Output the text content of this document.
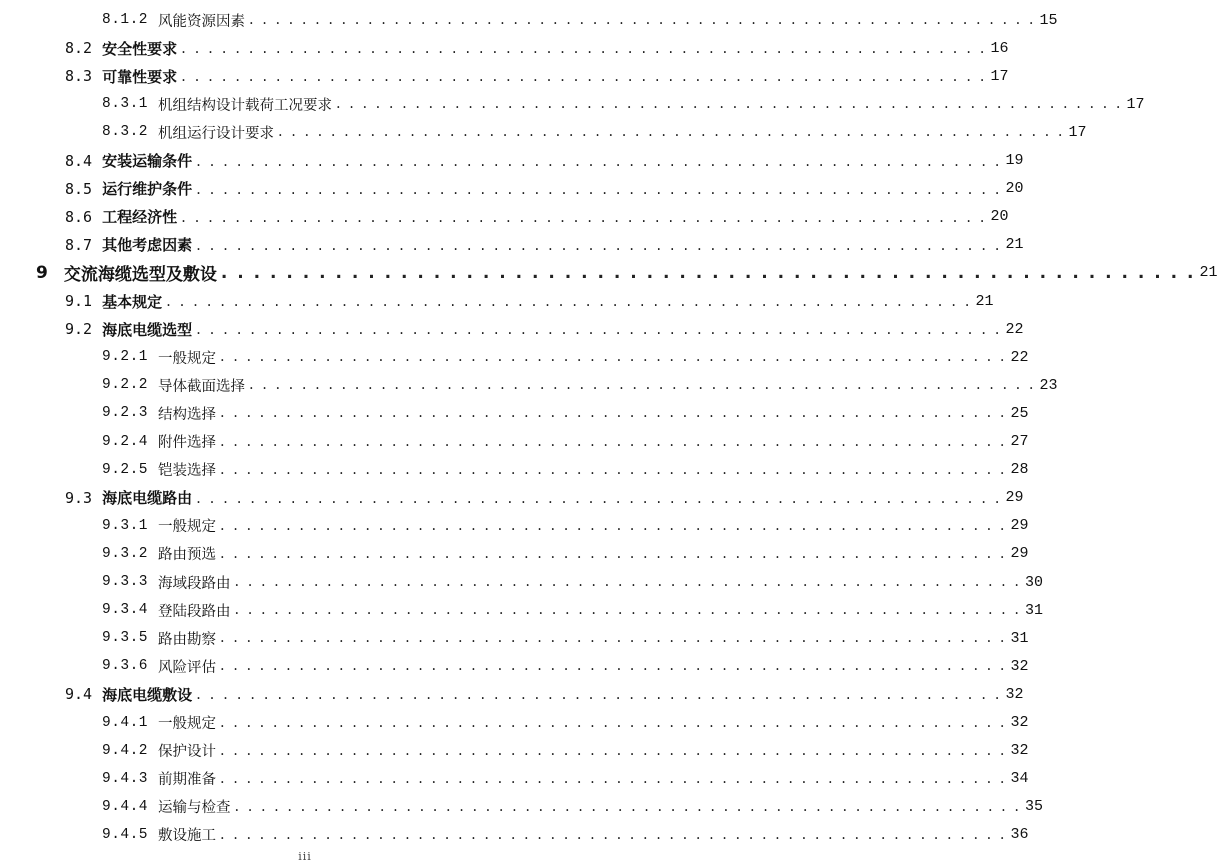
8.1.2 风能资源因素 . . . . . . . . . . . . . . . . . . . . . . . . . . . . . . . . . . . . . . . . . . . . . . . . . . . . . . . . . . . . 15
8.2 安全性要求 . . . . . . . . . . . . . . . . . . . . . . . . . . . . . . . . . . . . . . . . . . . . . . . . . . . . . . . . . . . . 16
8.3 可靠性要求 . . . . . . . . . . . . . . . . . . . . . . . . . . . . . . . . . . . . . . . . . . . . . . . . . . . . . . . . . . . . 17
8.3.1 机组结构设计载荷工况要求 . . . . . . . . . . . . . . . . . . . . . . . . . . . . . . . . . . . . . . . . . . . . . . . . . . . . . . . . . . . . 17
8.3.2 机组运行设计要求 . . . . . . . . . . . . . . . . . . . . . . . . . . . . . . . . . . . . . . . . . . . . . . . . . . . . . . . . . . . . 17
8.4 安装运输条件 . . . . . . . . . . . . . . . . . . . . . . . . . . . . . . . . . . . . . . . . . . . . . . . . . . . . . . . . . . . . 19
8.5 运行维护条件 . . . . . . . . . . . . . . . . . . . . . . . . . . . . . . . . . . . . . . . . . . . . . . . . . . . . . . . . . . . . 20
8.6 工程经济性 . . . . . . . . . . . . . . . . . . . . . . . . . . . . . . . . . . . . . . . . . . . . . . . . . . . . . . . . . . . . 20
8.7 其他考虑因素 . . . . . . . . . . . . . . . . . . . . . . . . . . . . . . . . . . . . . . . . . . . . . . . . . . . . . . . . . . . . 21
9 交流海缆选型及敷设 . . . . . . . . . . . . . . . . . . . . . . . . . . . . . . . . . . . . . . . . . . . . . . . . . . . . . . . . . . . . 21
9.1 基本规定 . . . . . . . . . . . . . . . . . . . . . . . . . . . . . . . . . . . . . . . . . . . . . . . . . . . . . . . . . . . . 21
9.2 海底电缆选型 . . . . . . . . . . . . . . . . . . . . . . . . . . . . . . . . . . . . . . . . . . . . . . . . . . . . . . . . . . . . 22
9.2.1 一般规定 . . . . . . . . . . . . . . . . . . . . . . . . . . . . . . . . . . . . . . . . . . . . . . . . . . . . . . . . . . . . 22
9.2.2 导体截面选择 . . . . . . . . . . . . . . . . . . . . . . . . . . . . . . . . . . . . . . . . . . . . . . . . . . . . . . . . . . . . 23
9.2.3 结构选择 . . . . . . . . . . . . . . . . . . . . . . . . . . . . . . . . . . . . . . . . . . . . . . . . . . . . . . . . . . . . 25
9.2.4 附件选择 . . . . . . . . . . . . . . . . . . . . . . . . . . . . . . . . . . . . . . . . . . . . . . . . . . . . . . . . . . . . 27
9.2.5 铠装选择 . . . . . . . . . . . . . . . . . . . . . . . . . . . . . . . . . . . . . . . . . . . . . . . . . . . . . . . . . . . . 28
9.3 海底电缆路由 . . . . . . . . . . . . . . . . . . . . . . . . . . . . . . . . . . . . . . . . . . . . . . . . . . . . . . . . . . . . 29
9.3.1 一般规定 . . . . . . . . . . . . . . . . . . . . . . . . . . . . . . . . . . . . . . . . . . . . . . . . . . . . . . . . . . . . 29
9.3.2 路由预选 . . . . . . . . . . . . . . . . . . . . . . . . . . . . . . . . . . . . . . . . . . . . . . . . . . . . . . . . . . . . 29
9.3.3 海域段路由 . . . . . . . . . . . . . . . . . . . . . . . . . . . . . . . . . . . . . . . . . . . . . . . . . . . . . . . . . . . . 30
9.3.4 登陆段路由 . . . . . . . . . . . . . . . . . . . . . . . . . . . . . . . . . . . . . . . . . . . . . . . . . . . . . . . . . . . . 31
9.3.5 路由勘察 . . . . . . . . . . . . . . . . . . . . . . . . . . . . . . . . . . . . . . . . . . . . . . . . . . . . . . . . . . . . 31
9.3.6 风险评估 . . . . . . . . . . . . . . . . . . . . . . . . . . . . . . . . . . . . . . . . . . . . . . . . . . . . . . . . . . . . 32
9.4 海底电缆敷设 . . . . . . . . . . . . . . . . . . . . . . . . . . . . . . . . . . . . . . . . . . . . . . . . . . . . . . . . . . . . 32
9.4.1 一般规定 . . . . . . . . . . . . . . . . . . . . . . . . . . . . . . . . . . . . . . . . . . . . . . . . . . . . . . . . . . . . 32
9.4.2 保护设计 . . . . . . . . . . . . . . . . . . . . . . . . . . . . . . . . . . . . . . . . . . . . . . . . . . . . . . . . . . . . 32
9.4.3 前期准备 . . . . . . . . . . . . . . . . . . . . . . . . . . . . . . . . . . . . . . . . . . . . . . . . . . . . . . . . . . . . 34
9.4.4 运输与检查 . . . . . . . . . . . . . . . . . . . . . . . . . . . . . . . . . . . . . . . . . . . . . . . . . . . . . . . . . . . . 35
9.4.5 敷设施工 . . . . . . . . . . . . . . . . . . . . . . . . . . . . . . . . . . . . . . . . . . . . . . . . . . . . . . . . . . . . 36
iii
